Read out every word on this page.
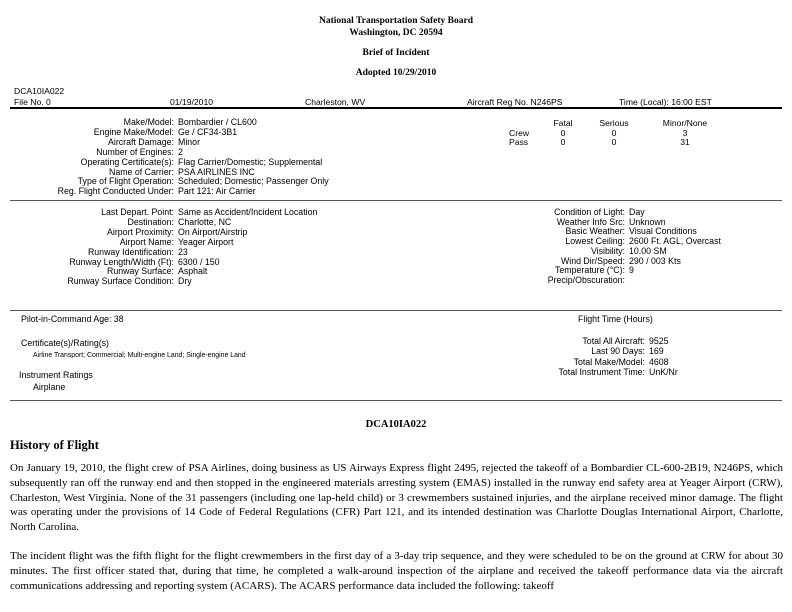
National Transportation Safety Board
Washington, DC 20594
Brief of Incident
Adopted 10/29/2010
DCA10IA022
File No. 0	01/19/2010	Charleston, WV	Aircraft Reg No. N246PS	Time (Local): 16:00 EST
Make/Model: Bombardier / CL600
Engine Make/Model: Ge / CF34-3B1
Aircraft Damage: Minor
Number of Engines: 2
Operating Certificate(s): Flag Carrier/Domestic; Supplemental
Name of Carrier: PSA AIRLINES INC
Type of Flight Operation: Scheduled; Domestic; Passenger Only
Reg. Flight Conducted Under: Part 121: Air Carrier
Fatal	Serious	Minor/None
Crew	0	0	3
Pass	0	0	31
Last Depart. Point: Same as Accident/Incident Location
Destination: Charlotte, NC
Airport Proximity: On Airport/Airstrip
Airport Name: Yeager Airport
Runway Identification: 23
Runway Length/Width (Ft): 6300 / 150
Runway Surface: Asphalt
Runway Surface Condition: Dry
Condition of Light: Day
Weather Info Src: Unknown
Basic Weather: Visual Conditions
Lowest Ceiling: 2600 Ft. AGL, Overcast
Visibility: 10.00 SM
Wind Dir/Speed: 290 / 003 Kts
Temperature (°C): 9
Precip/Obscuration:
Pilot-in-Command Age: 38
Certificate(s)/Rating(s)
Airline Transport; Commercial; Multi-engine Land; Single-engine Land
Instrument Ratings
Airplane
Flight Time (Hours)
Total All Aircraft: 9525
Last 90 Days: 169
Total Make/Model: 4608
Total Instrument Time: UnK/Nr
DCA10IA022
History of Flight
On January 19, 2010, the flight crew of PSA Airlines, doing business as US Airways Express flight 2495, rejected the takeoff of a Bombardier CL-600-2B19, N246PS, which subsequently ran off the runway end and then stopped in the engineered materials arresting system (EMAS) installed in the runway end safety area at Yeager Airport (CRW), Charleston, West Virginia. None of the 31 passengers (including one lap-held child) or 3 crewmembers sustained injuries, and the airplane received minor damage. The flight was operating under the provisions of 14 Code of Federal Regulations (CFR) Part 121, and its intended destination was Charlotte Douglas International Airport, Charlotte, North Carolina.
The incident flight was the fifth flight for the flight crewmembers in the first day of a 3-day trip sequence, and they were scheduled to be on the ground at CRW for about 30 minutes. The first officer stated that, during that time, he completed a walk-around inspection of the airplane and received the takeoff performance data via the aircraft communications addressing and reporting system (ACARS). The ACARS performance data included the following: takeoff
